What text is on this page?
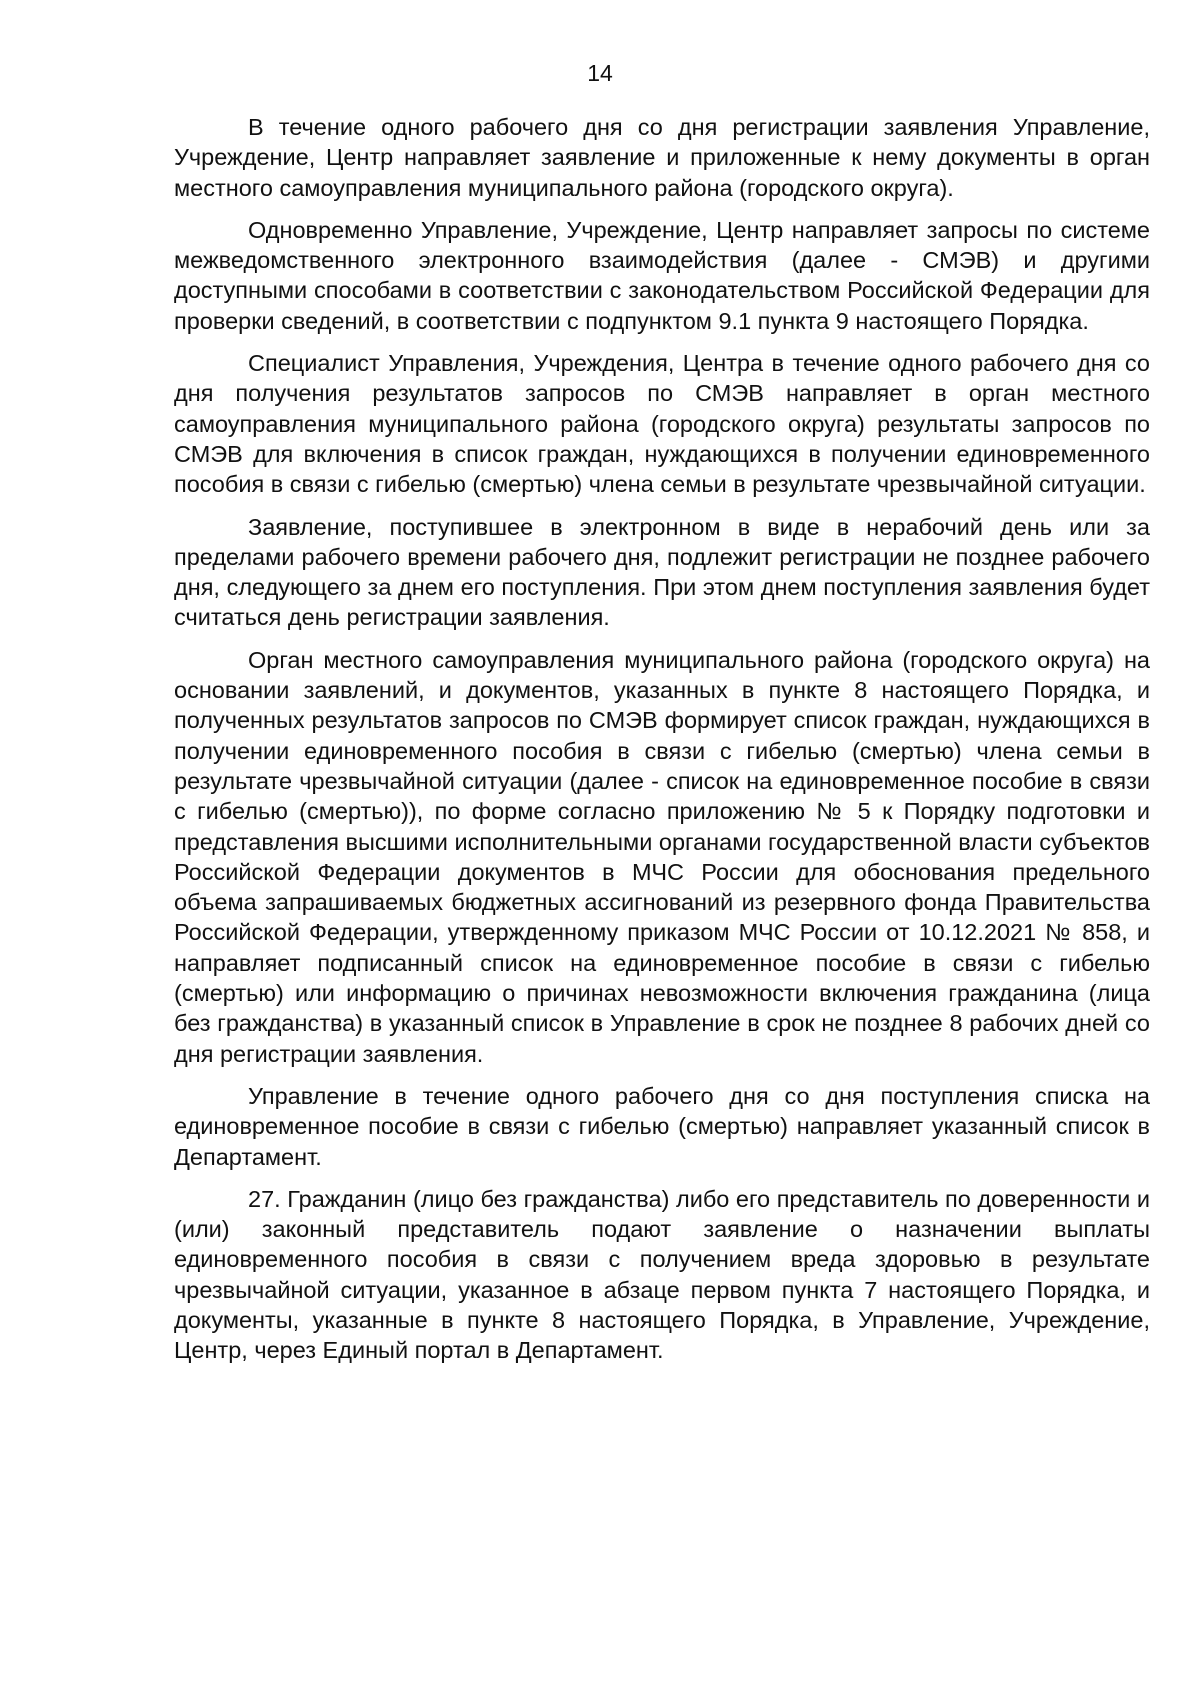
14

В течение одного рабочего дня со дня регистрации заявления Управление, Учреждение, Центр направляет заявление и приложенные к нему документы в орган местного самоуправления муниципального района (городского округа).

Одновременно Управление, Учреждение, Центр направляет запросы по системе межведомственного электронного взаимодействия (далее - СМЭВ) и другими доступными способами в соответствии с законодательством Российской Федерации для проверки сведений, в соответствии с подпунктом 9.1 пункта 9 настоящего Порядка.

Специалист Управления, Учреждения, Центра в течение одного рабочего дня со дня получения результатов запросов по СМЭВ направляет в орган местного самоуправления муниципального района (городского округа) результаты запросов по СМЭВ для включения в список граждан, нуждающихся в получении единовременного пособия в связи с гибелью (смертью) члена семьи в результате чрезвычайной ситуации.

Заявление, поступившее в электронном в виде в нерабочий день или за пределами рабочего времени рабочего дня, подлежит регистрации не позднее рабочего дня, следующего за днем его поступления. При этом днем поступления заявления будет считаться день регистрации заявления.

Орган местного самоуправления муниципального района (городского округа) на основании заявлений, и документов, указанных в пункте 8 настоящего Порядка, и полученных результатов запросов по СМЭВ формирует список граждан, нуждающихся в получении единовременного пособия в связи с гибелью (смертью) члена семьи в результате чрезвычайной ситуации (далее - список на единовременное пособие в связи с гибелью (смертью)), по форме согласно приложению № 5 к Порядку подготовки и представления высшими исполнительными органами государственной власти субъектов Российской Федерации документов в МЧС России для обоснования предельного объема запрашиваемых бюджетных ассигнований из резервного фонда Правительства Российской Федерации, утвержденному приказом МЧС России от 10.12.2021 № 858, и направляет подписанный список на единовременное пособие в связи с гибелью (смертью) или информацию о причинах невозможности включения гражданина (лица без гражданства) в указанный список в Управление в срок не позднее 8 рабочих дней со дня регистрации заявления.

Управление в течение одного рабочего дня со дня поступления списка на единовременное пособие в связи с гибелью (смертью) направляет указанный список в Департамент.

27. Гражданин (лицо без гражданства) либо его представитель по доверенности и (или) законный представитель подают заявление о назначении выплаты единовременного пособия в связи с получением вреда здоровью в результате чрезвычайной ситуации, указанное в абзаце первом пункта 7 настоящего Порядка, и документы, указанные в пункте 8 настоящего Порядка, в Управление, Учреждение, Центр, через Единый портал в Департамент.
